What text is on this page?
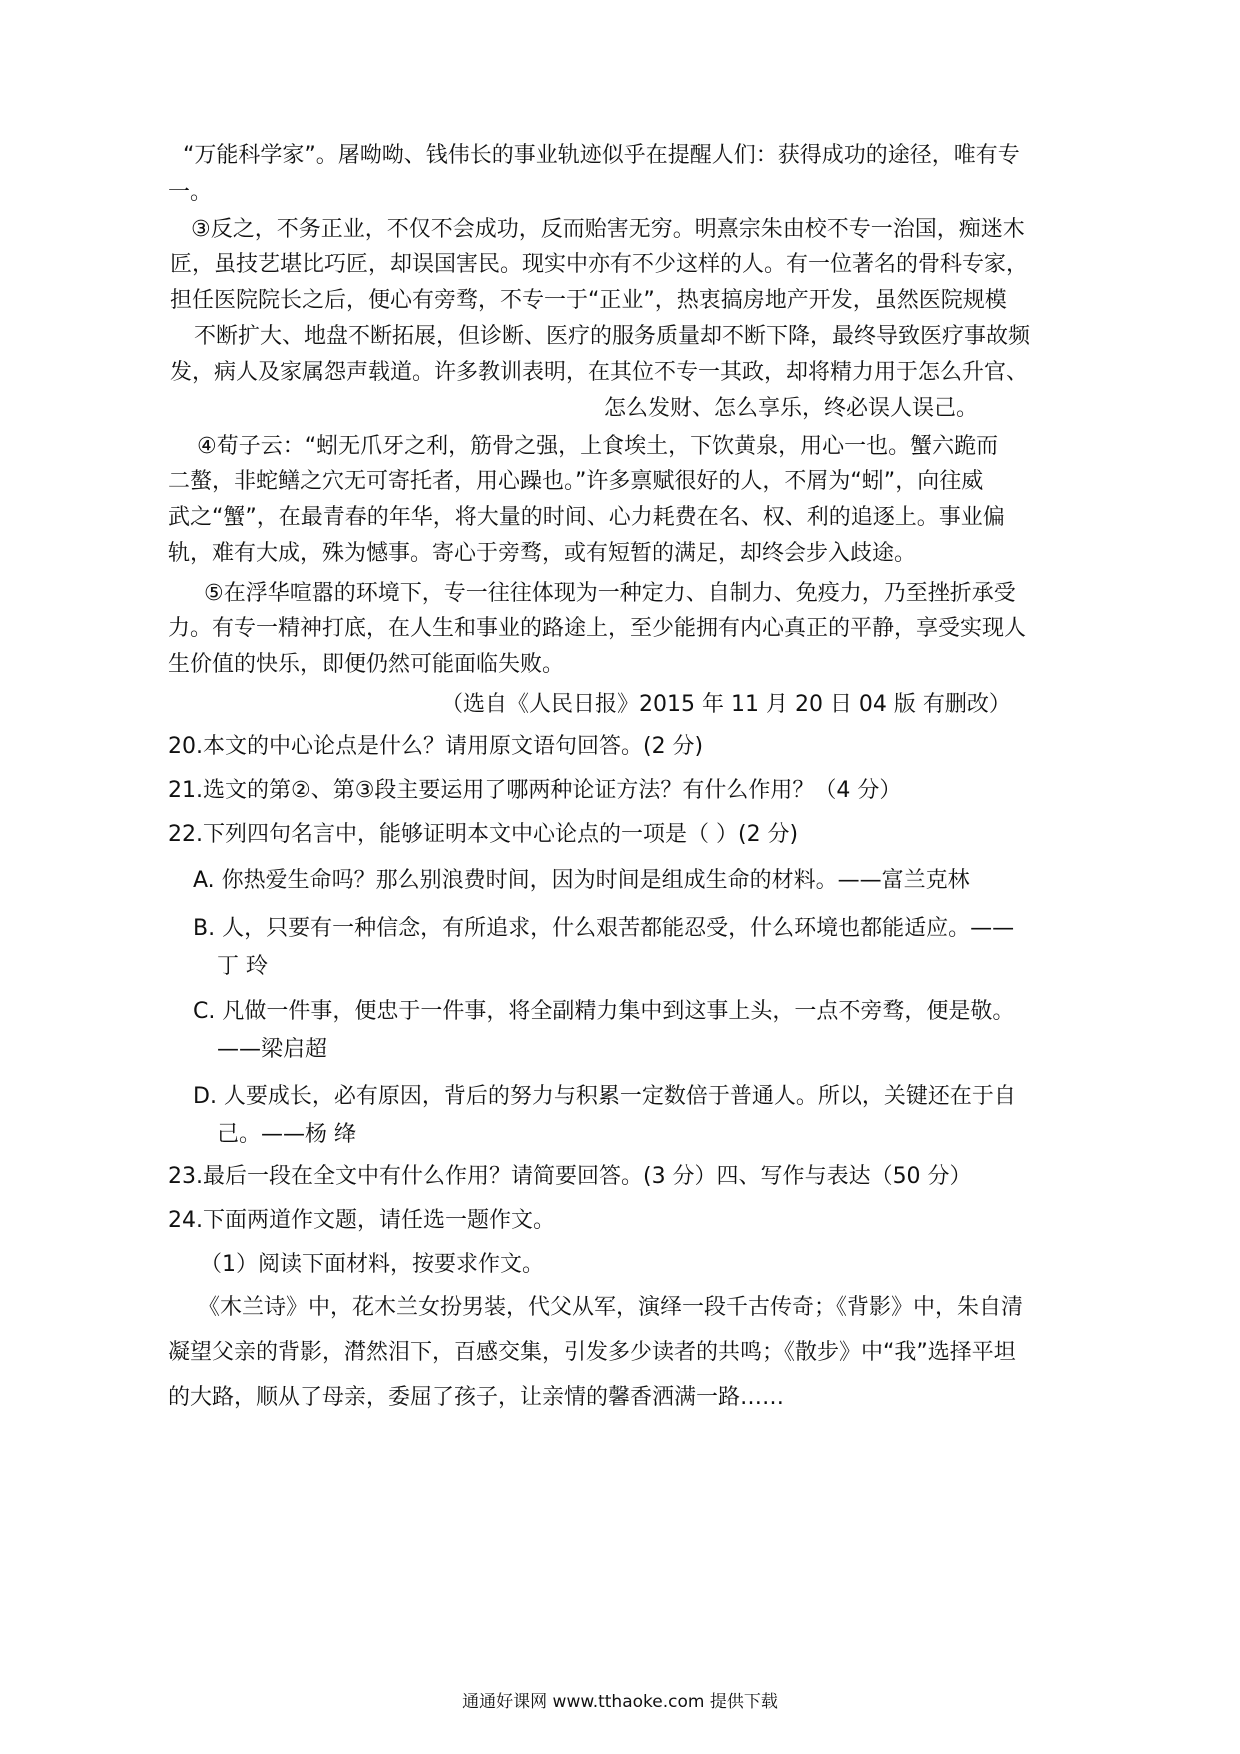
“万能科学家”。屠呦呦、钱伟长的事业轨迹似乎在提醒人们：获得成功的途径，唯有专
一。
③反之，不务正业，不仅不会成功，反而贻害无穷。明熹宗朱由校不专一治国，痴迷木
匠，虽技艺堪比巧匠，却误国害民。现实中亦有不少这样的人。有一位著名的骨科专家，
担任医院院长之后，便心有旁骛，不专一于“正业”，热衷搞房地产开发，虽然医院规模
不断扩大、地盘不断拓展，但诊断、医疗的服务质量却不断下降，最终导致医疗事故频
发，病人及家属怨声载道。许多教训表明，在其位不专一其政，却将精力用于怎么升官、
怎么发财、怎么享乐，终必误人误己。
④荀子云：“蚓无爪牙之利，筋骨之强，上食埃土，下饮黄泉，用心一也。蟹六跪而
二螯，非蛇鳝之穴无可寄托者，用心躁也。”许多禀赋很好的人，不屑为“蚓”，向往威
武之“蟹”，在最青春的年华，将大量的时间、心力耗费在名、权、利的追逐上。事业偏
轨，难有大成，殊为憾事。寄心于旁骛，或有短暂的满足，却终会步入歧途。
⑤在浮华喧嚣的环境下，专一往往体现为一种定力、自制力、免疫力，乃至挫折承受
力。有专一精神打底，在人生和事业的路途上，至少能拥有内心真正的平静，享受实现人
生价值的快乐，即便仍然可能面临失败。
（选自《人民日报》2015 年 11 月 20 日 04 版 有删改）
20.本文的中心论点是什么？请用原文语句回答。(2 分)
21.选文的第②、第③段主要运用了哪两种论证方法？有什么作用？（4 分）
22.下列四句名言中，能够证明本文中心论点的一项是（ ）(2 分)
A. 你热爱生命吗？那么别浪费时间，因为时间是组成生命的材料。——富兰克林
B. 人，只要有一种信念，有所追求，什么艰苦都能忍受，什么环境也都能适应。——
丁 玲
C. 凡做一件事，便忠于一件事，将全副精力集中到这事上头，一点不旁骛，便是敬。
——梁启超
D. 人要成长，必有原因，背后的努力与积累一定数倍于普通人。所以，关键还在于自
己。——杨 绛
23.最后一段在全文中有什么作用？请简要回答。(3 分）四、写作与表达（50 分）
24.下面两道作文题，请任选一题作文。
（1）阅读下面材料，按要求作文。
《木兰诗》中，花木兰女扮男装，代父从军，演绎一段千古传奇；《背影》中，朱自清
凝望父亲的背影，潸然泪下，百感交集，引发多少读者的共鸣；《散步》中“我”选择平坦
的大路，顺从了母亲，委屈了孩子，让亲情的馨香洒满一路……
通通好课网 www.tthaoke.com 提供下载
